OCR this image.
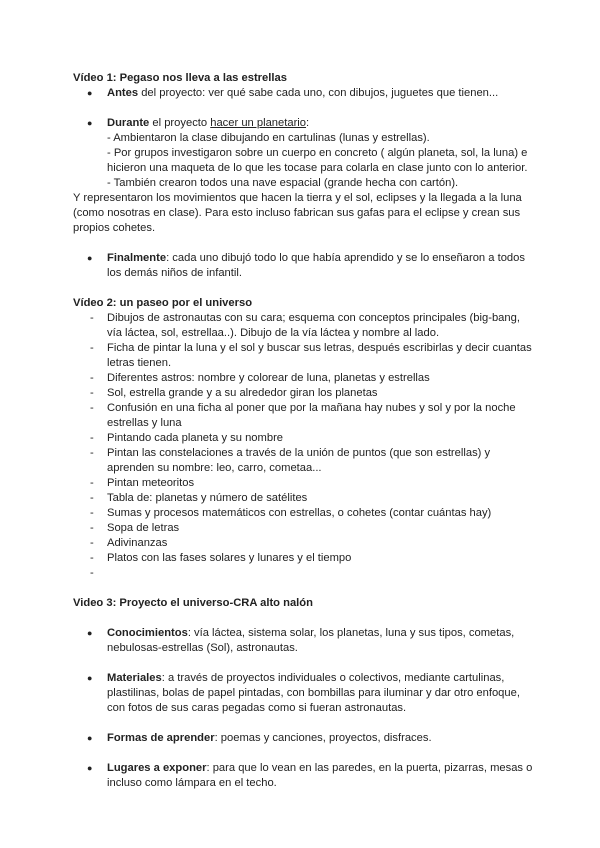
Vídeo 1: Pegaso nos lleva a las estrellas

● Antes del proyecto: ver qué sabe cada uno, con dibujos, juguetes que tienen...
● Durante el proyecto hacer un planetario:
- Ambientaron la clase dibujando en cartulinas (lunas y estrellas).
- Por grupos investigaron sobre un cuerpo en concreto ( algún planeta, sol, la luna) e hicieron una maqueta de lo que les tocase para colarla en clase junto con lo anterior.
- También crearon todos una nave espacial (grande hecha con cartón).

Y representaron los movimientos que hacen la tierra y el sol, eclipses y la llegada a la luna (como nosotras en clase). Para esto incluso fabrican sus gafas para el eclipse y crean sus propios cohetes.

● Finalmente: cada uno dibujó todo lo que había aprendido y se lo enseñaron a todos los demás niños de infantil.

Vídeo 2: un paseo por el universo

- Dibujos de astronautas con su cara; esquema con conceptos principales (big-bang, vía láctea, sol, estrellaa..). Dibujo de la vía láctea y nombre al lado.
- Ficha de pintar la luna y el sol y buscar sus letras, después escribirlas y decir cuantas letras tienen.
- Diferentes astros: nombre y colorear de luna, planetas y estrellas
- Sol, estrella grande y a su alrededor giran los planetas
- Confusión en una ficha al poner que por la mañana hay nubes y sol y por la noche estrellas y luna
- Pintando cada planeta y su nombre
- Pintan las constelaciones a través de la unión de puntos (que son estrellas) y aprenden su nombre: leo, carro, cometaa...
- Pintan meteoritos
- Tabla de: planetas y número de satélites
- Sumas y procesos matemáticos con estrellas, o cohetes (contar cuántas hay)
- Sopa de letras
- Adivinanzas
- Platos con las fases solares y lunares y el tiempo
-

Video 3: Proyecto el universo-CRA alto nalón

● Conocimientos: vía láctea, sistema solar, los planetas, luna y sus tipos, cometas, nebulosas-estrellas (Sol), astronautas.
● Materiales: a través de proyectos individuales o colectivos, mediante cartulinas, plastilinas, bolas de papel pintadas, con bombillas para iluminar y dar otro enfoque, con fotos de sus caras pegadas como si fueran astronautas.
● Formas de aprender: poemas y canciones, proyectos, disfraces.
● Lugares a exponer: para que lo vean en las paredes, en la puerta, pizarras, mesas o incluso como lámpara en el techo.
